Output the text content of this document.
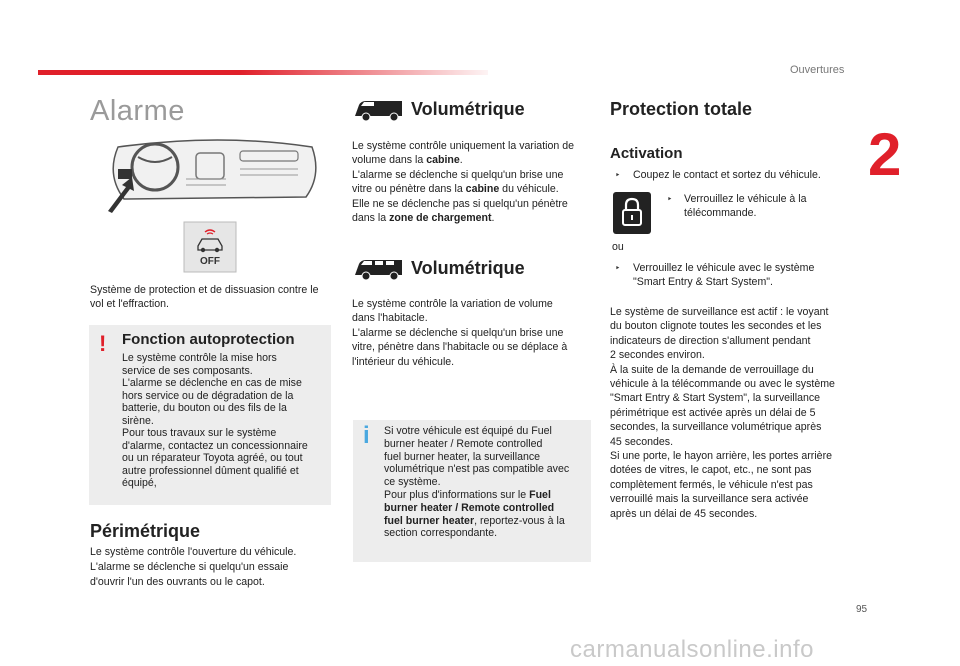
Ouvertures
2
Alarme
OFF
Système de protection et de dissuasion contre le vol et l'effraction.
! Fonction autoprotection
Le système contrôle la mise hors
service de ses composants.
L'alarme se déclenche en cas de mise
hors service ou de dégradation de la
batterie, du bouton ou des fils de la
sirène.
Pour tous travaux sur le système
d'alarme, contactez un concessionnaire
ou un réparateur Toyota agréé, ou tout
autre professionnel dûment qualifié et
équipé,
Périmétrique
Le système contrôle l'ouverture du véhicule.
L'alarme se déclenche si quelqu'un essaie
d'ouvrir l'un des ouvrants ou le capot.
Volumétrique
Le système contrôle uniquement la variation de
volume dans la cabine.
L'alarme se déclenche si quelqu'un brise une
vitre ou pénètre dans la cabine du véhicule.
Elle ne se déclenche pas si quelqu'un pénètre
dans la zone de chargement.
Volumétrique
Le système contrôle la variation de volume
dans l'habitacle.
L'alarme se déclenche si quelqu'un brise une
vitre, pénètre dans l'habitacle ou se déplace à
l'intérieur du véhicule.
i Si votre véhicule est équipé du Fuel
burner heater / Remote controlled
fuel burner heater, la surveillance
volumétrique n'est pas compatible avec
ce système.
Pour plus d'informations sur le Fuel
burner heater / Remote controlled
fuel burner heater, reportez-vous à la
section correspondante.
Protection totale
Activation
‣ Coupez le contact et sortez du véhicule.
‣ Verrouillez le véhicule à la
télécommande.
ou
‣ Verrouillez le véhicule avec le système
"Smart Entry & Start System".
Le système de surveillance est actif : le voyant
du bouton clignote toutes les secondes et les
indicateurs de direction s'allument pendant
2 secondes environ.
À la suite de la demande de verrouillage du
véhicule à la télécommande ou avec le système
"Smart Entry & Start System", la surveillance
périmétrique est activée après un délai de 5
secondes, la surveillance volumétrique après
45 secondes.
Si une porte, le hayon arrière, les portes arrière
dotées de vitres, le capot, etc., ne sont pas
complètement fermés, le véhicule n'est pas
verrouillé mais la surveillance sera activée
après un délai de 45 secondes.
95
carmanualsonline.info
